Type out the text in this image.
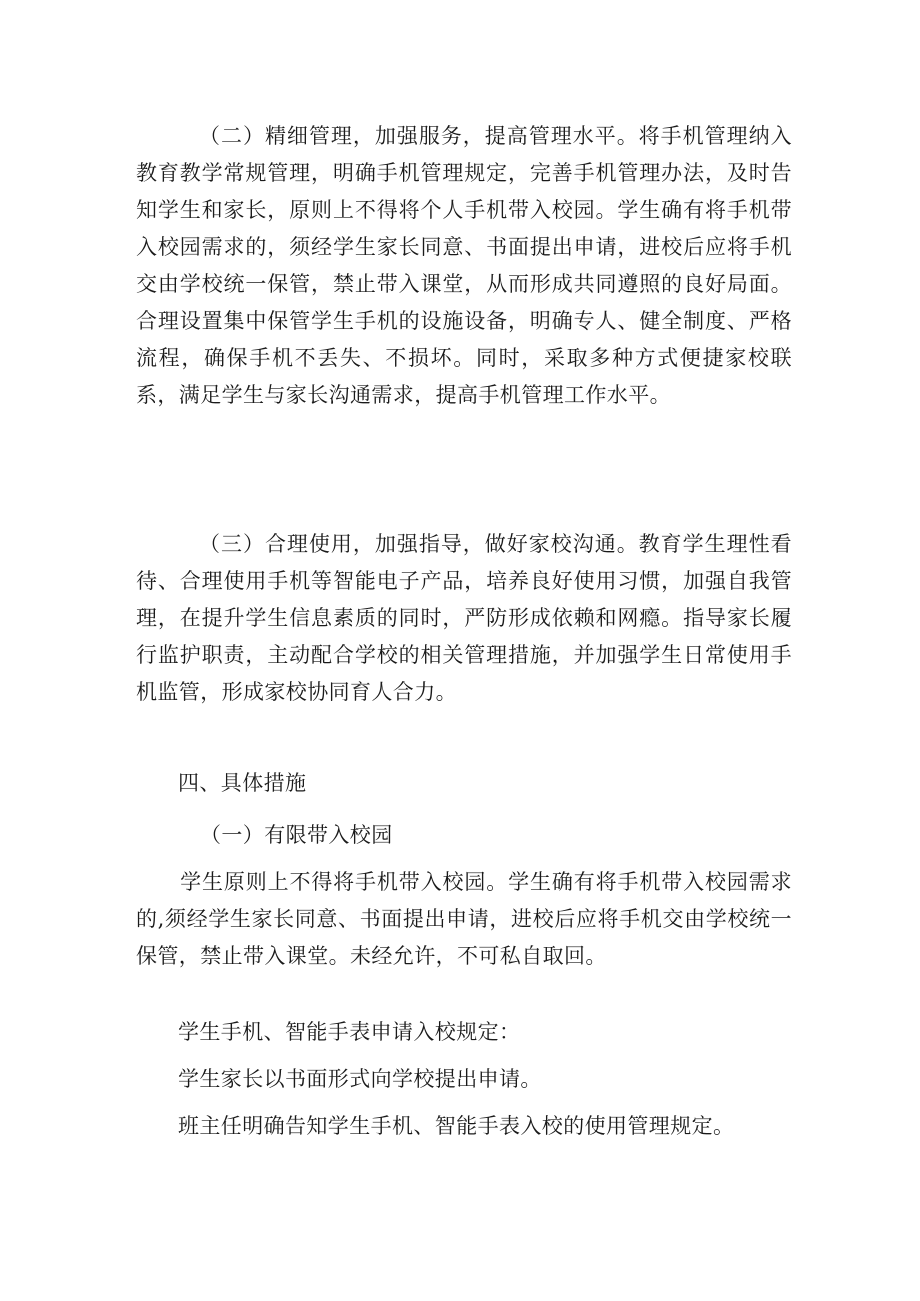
（二）精细管理，加强服务，提高管理水平。将手机管理纳入教育教学常规管理，明确手机管理规定，完善手机管理办法，及时告知学生和家长，原则上不得将个人手机带入校园。学生确有将手机带入校园需求的，须经学生家长同意、书面提出申请，进校后应将手机交由学校统一保管，禁止带入课堂，从而形成共同遵照的良好局面。合理设置集中保管学生手机的设施设备，明确专人、健全制度、严格流程，确保手机不丢失、不损坏。同时，采取多种方式便捷家校联系，满足学生与家长沟通需求，提高手机管理工作水平。

（三）合理使用，加强指导，做好家校沟通。教育学生理性看待、合理使用手机等智能电子产品，培养良好使用习惯，加强自我管理，在提升学生信息素质的同时，严防形成依赖和网瘾。指导家长履行监护职责，主动配合学校的相关管理措施，并加强学生日常使用手机监管，形成家校协同育人合力。

四、具体措施

（一）有限带入校园

学生原则上不得将手机带入校园。学生确有将手机带入校园需求的,须经学生家长同意、书面提出申请，进校后应将手机交由学校统一保管，禁止带入课堂。未经允许，不可私自取回。

学生手机、智能手表申请入校规定：

学生家长以书面形式向学校提出申请。

班主任明确告知学生手机、智能手表入校的使用管理规定。
